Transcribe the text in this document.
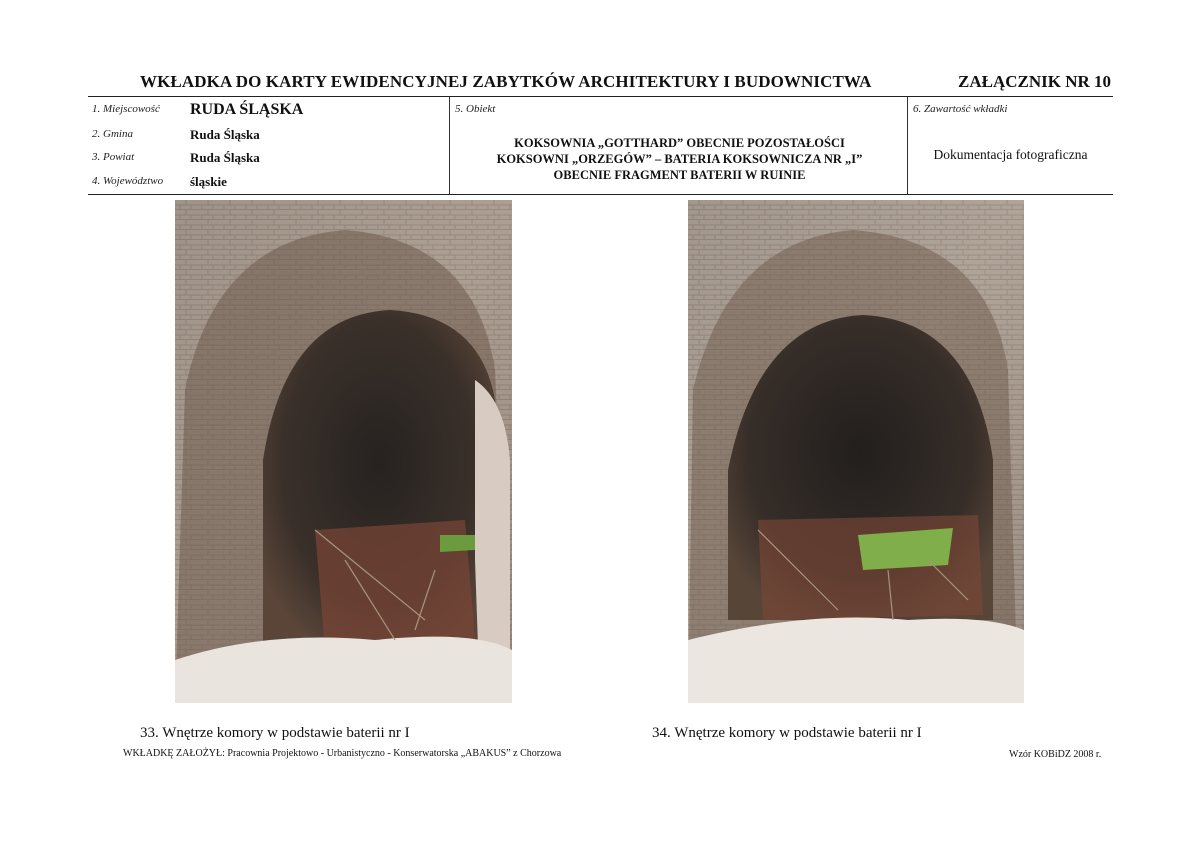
WKŁADKA DO KARTY EWIDENCYJNEJ ZABYTKÓW ARCHITEKTURY I BUDOWNICTWA	ZAŁĄCZNIK NR 10
1. Miejscowość RUDA ŚLĄSKA
2. Gmina	Ruda Śląska
3. Powiat	Ruda Śląska
4. Województwo śląskie
5. Obiekt
KOKSOWNIA „GOTTHARD” OBECNIE POZOSTAŁOŚCI
KOKSOWNI „ORZEGÓW” – BATERIA KOKSOWNICZA NR „I”
OBECNIE FRAGMENT BATERII W RUINIE
6. Zawartość wkładki
Dokumentacja fotograficzna
33. Wnętrze komory w podstawie baterii nr I	34. Wnętrze komory w podstawie baterii nr I
WKŁADKĘ ZAŁOŻYŁ: Pracownia Projektowo - Urbanistyczno - Konserwatorska „ABAKUS” z Chorzowa	Wzór KOBiDZ 2008 r.
